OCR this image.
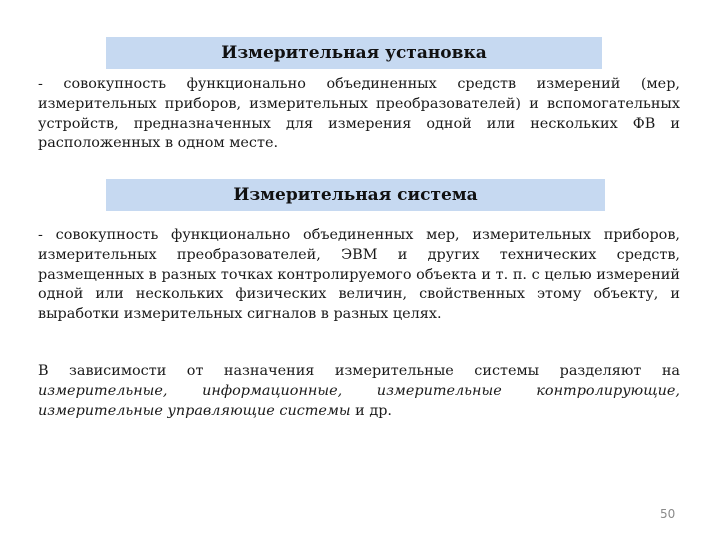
Измерительная установка
- совокупность функционально объединенных средств измерений (мер, измерительных приборов, измерительных преобразователей) и вспомогательных устройств, предназначенных для измерения одной или нескольких ФВ и расположенных в одном месте.
Измерительная система
- совокупность функционально объединенных мер, измерительных приборов, измерительных преобразователей, ЭВМ и других технических средств, размещенных в разных точках контролируемого объекта и т. п. с целью измерений одной или нескольких физических величин, свойственных этому объекту, и выработки измерительных сигналов в разных целях.
В зависимости от назначения измерительные системы разделяют на измерительные, информационные, измерительные контролирующие, измерительные управляющие системы и др.
50
